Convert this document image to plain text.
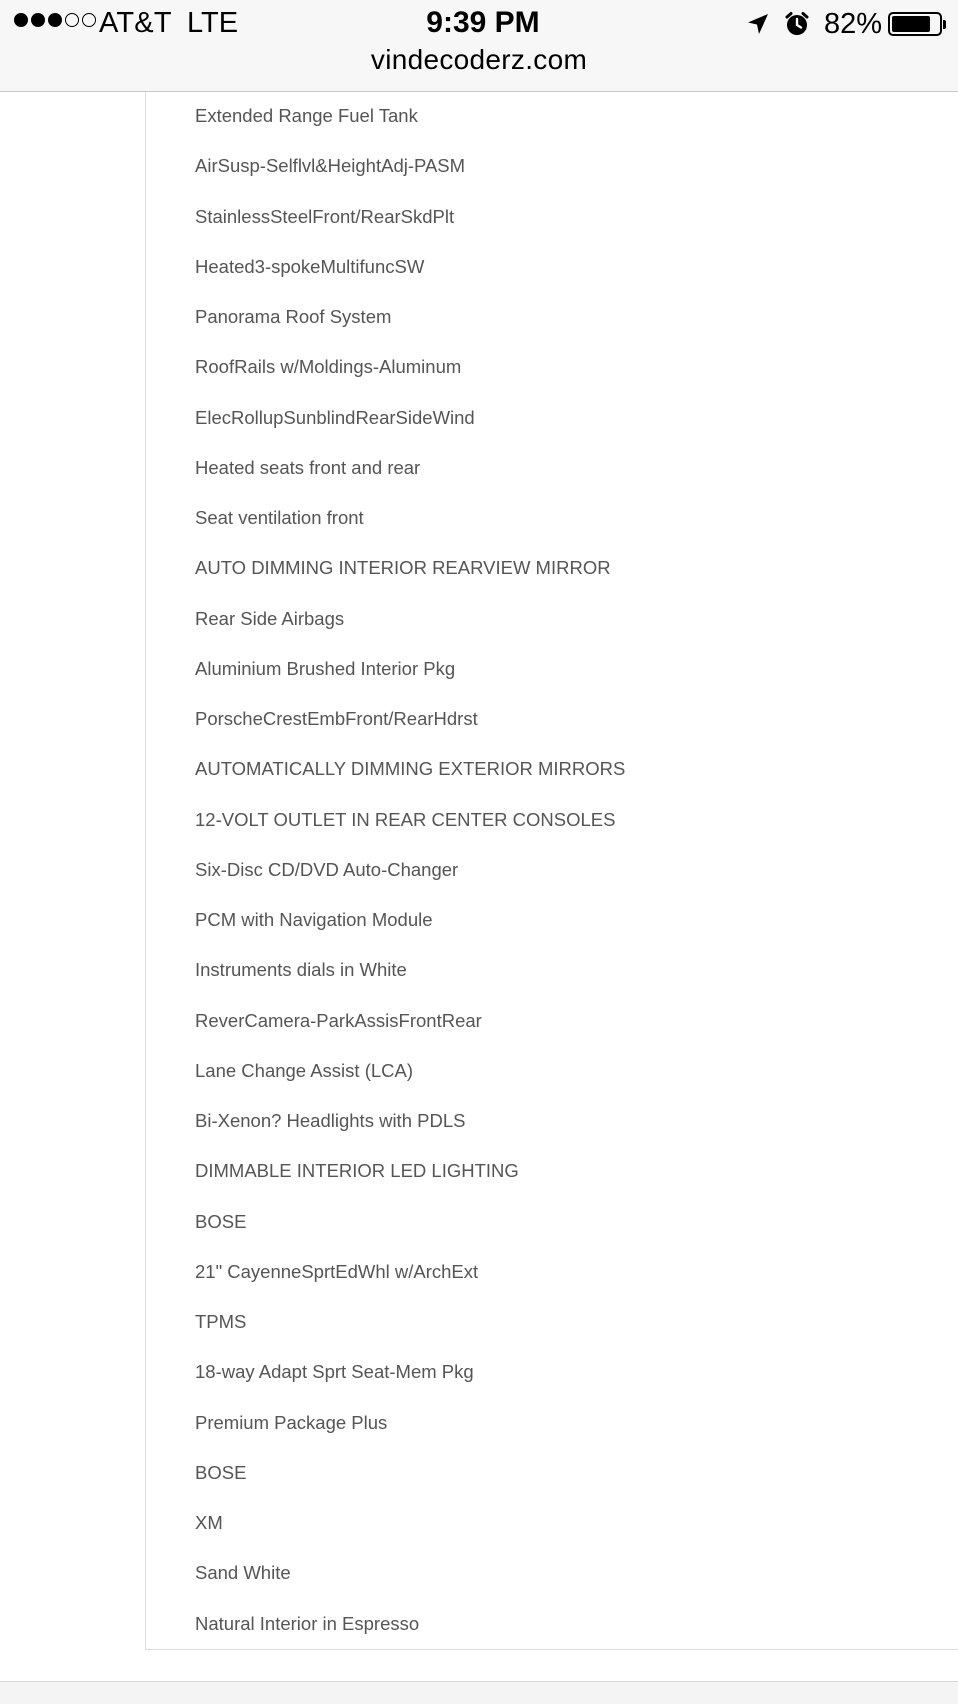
AT&T LTE	9:39 PM	82%
vindecoderz.com
Extended Range Fuel Tank
AirSusp-Selflvl&HeightAdj-PASM
StainlessSteelFront/RearSkdPlt
Heated3-spokeMultifuncSW
Panorama Roof System
RoofRails w/Moldings-Aluminum
ElecRollupSunblindRearSideWind
Heated seats front and rear
Seat ventilation front
AUTO DIMMING INTERIOR REARVIEW MIRROR
Rear Side Airbags
Aluminium Brushed Interior Pkg
PorscheCrestEmbFront/RearHdrst
AUTOMATICALLY DIMMING EXTERIOR MIRRORS
12-VOLT OUTLET IN REAR CENTER CONSOLES
Six-Disc CD/DVD Auto-Changer
PCM with Navigation Module
Instruments dials in White
ReverCamera-ParkAssisFrontRear
Lane Change Assist (LCA)
Bi-Xenon? Headlights with PDLS
DIMMABLE INTERIOR LED LIGHTING
BOSE
21" CayenneSprtEdWhl w/ArchExt
TPMS
18-way Adapt Sprt Seat-Mem Pkg
Premium Package Plus
BOSE
XM
Sand White
Natural Interior in Espresso
